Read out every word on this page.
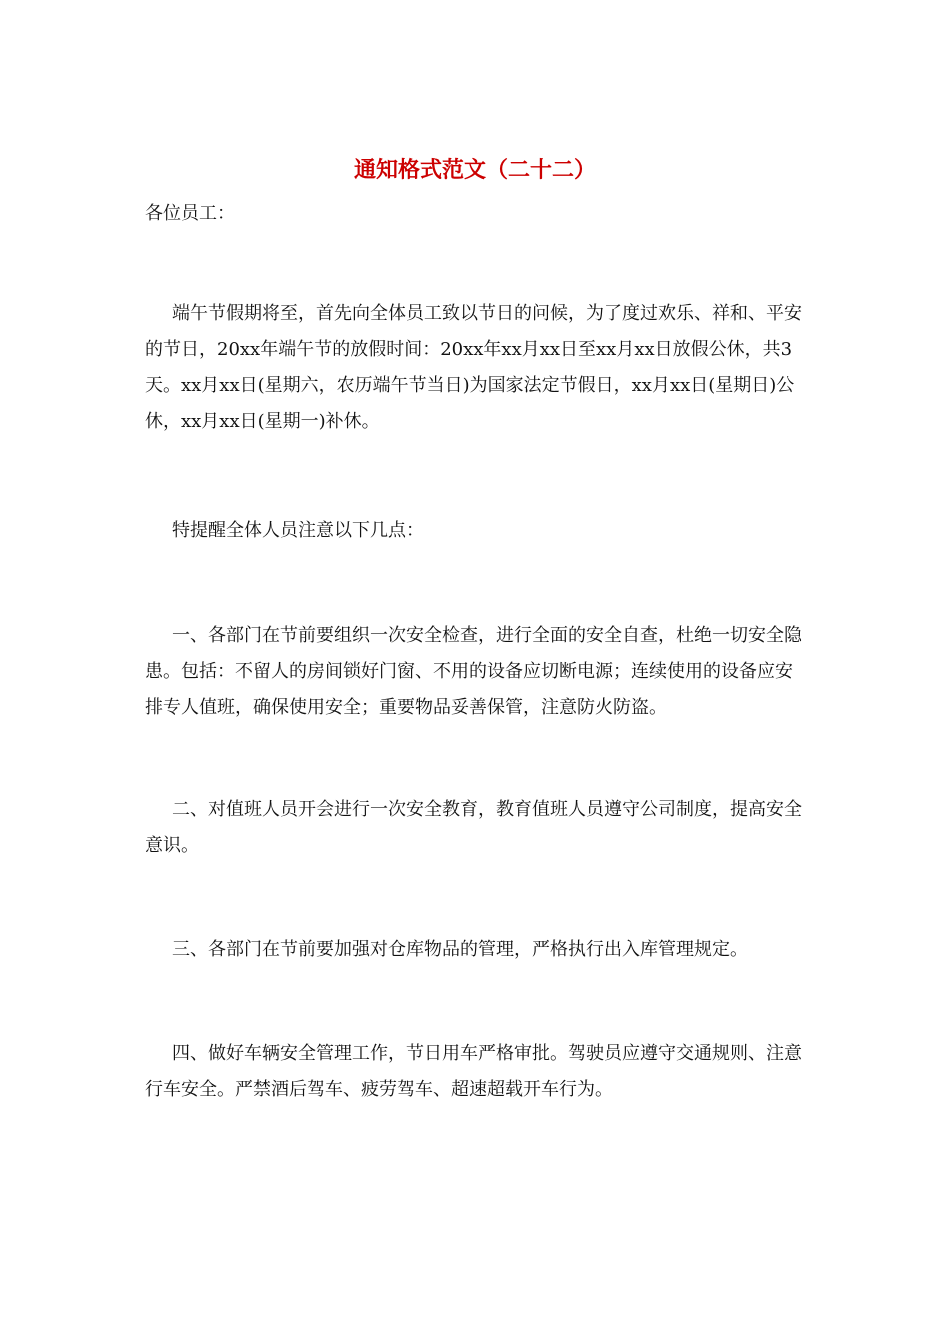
通知格式范文（二十二）
各位员工：
端午节假期将至，首先向全体员工致以节日的问候，为了度过欢乐、祥和、平安的节日，20xx年端午节的放假时间：20xx年xx月xx日至xx月xx日放假公休，共3天。xx月xx日(星期六，农历端午节当日)为国家法定节假日，xx月xx日(星期日)公休，xx月xx日(星期一)补休。
特提醒全体人员注意以下几点：
一、各部门在节前要组织一次安全检查，进行全面的安全自查，杜绝一切安全隐患。包括：不留人的房间锁好门窗、不用的设备应切断电源；连续使用的设备应安排专人值班，确保使用安全；重要物品妥善保管，注意防火防盗。
二、对值班人员开会进行一次安全教育，教育值班人员遵守公司制度，提高安全意识。
三、各部门在节前要加强对仓库物品的管理，严格执行出入库管理规定。
四、做好车辆安全管理工作，节日用车严格审批。驾驶员应遵守交通规则、注意行车安全。严禁酒后驾车、疲劳驾车、超速超载开车行为。
